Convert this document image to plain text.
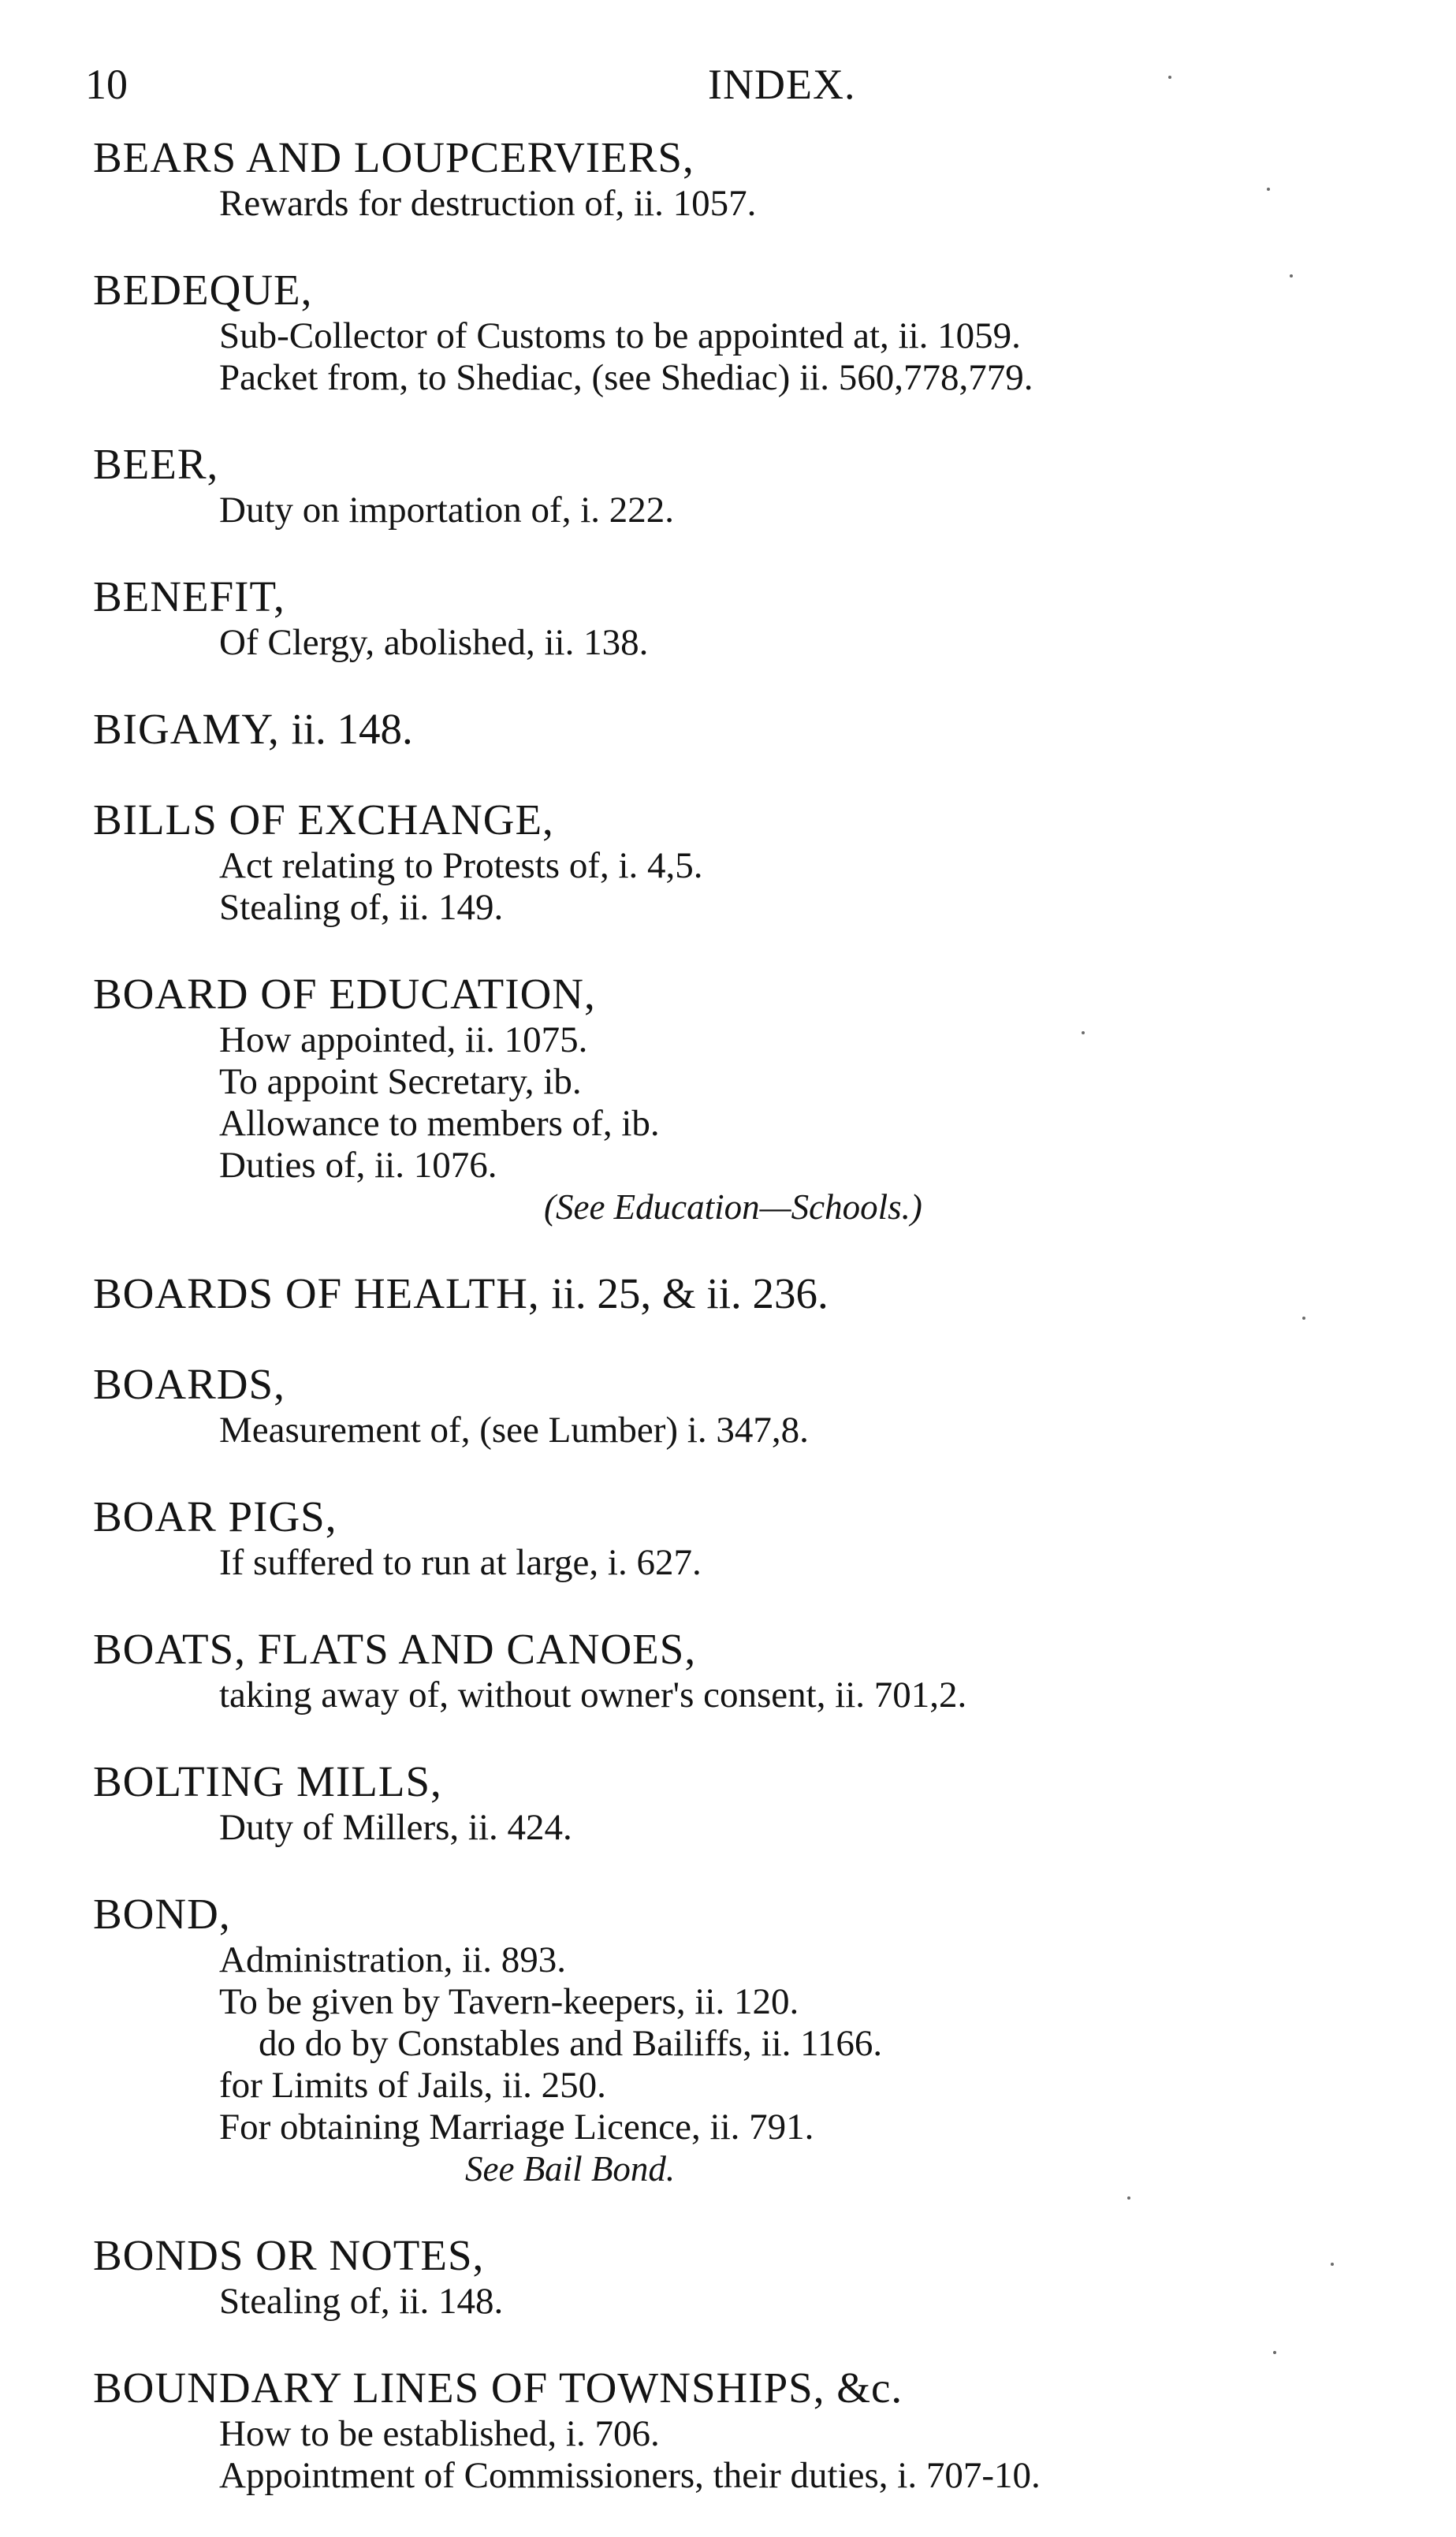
10	INDEX.
BEARS AND LOUPCERVIERS,
Rewards for destruction of, ii. 1057.
BEDEQUE,
Sub-Collector of Customs to be appointed at, ii. 1059.
Packet from, to Shediac, (see Shediac) ii. 560,778,779.
BEER,
Duty on importation of, i. 222.
BENEFIT,
Of Clergy, abolished, ii. 138.
BIGAMY, ii. 148.
BILLS OF EXCHANGE,
Act relating to Protests of, i. 4,5.
Stealing of, ii. 149.
BOARD OF EDUCATION,
How appointed, ii. 1075.
To appoint Secretary, ib.
Allowance to members of, ib.
Duties of, ii. 1076.
(See Education—Schools.)
BOARDS OF HEALTH, ii. 25, & ii. 236.
BOARDS,
Measurement of, (see Lumber) i. 347,8.
BOAR PIGS,
If suffered to run at large, i. 627.
BOATS, FLATS AND CANOES,
taking away of, without owner's consent, ii. 701,2.
BOLTING MILLS,
Duty of Millers, ii. 424.
BOND,
Administration, ii. 893.
To be given by Tavern-keepers, ii. 120.
do do by Constables and Bailiffs, ii. 1166.
for Limits of Jails, ii. 250.
For obtaining Marriage Licence, ii. 791.
See Bail Bond.
BONDS OR NOTES,
Stealing of, ii. 148.
BOUNDARY LINES OF TOWNSHIPS, &c.
How to be established, i. 706.
Appointment of Commissioners, their duties, i. 707-10.
